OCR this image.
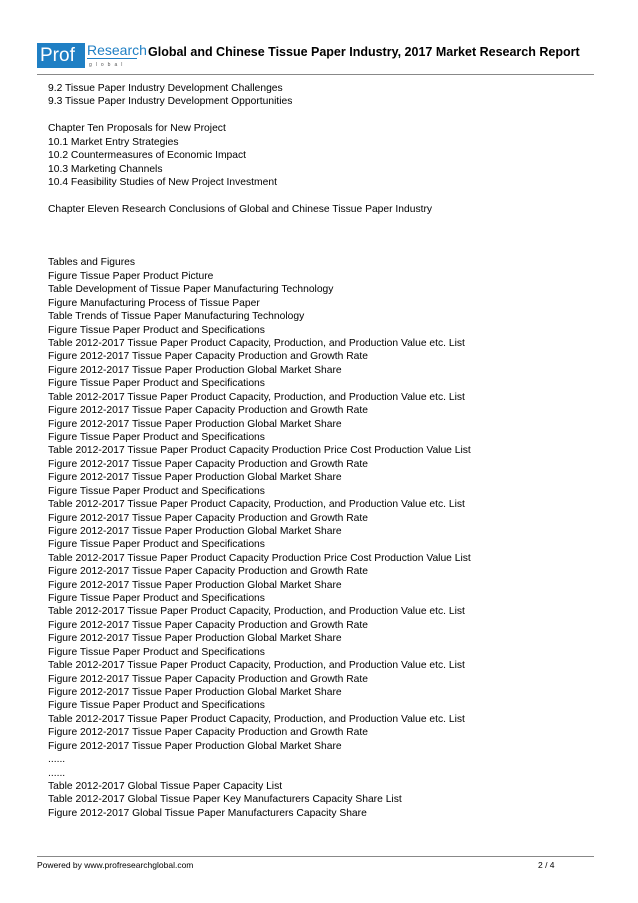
Prof Research
global
Global and Chinese Tissue Paper Industry, 2017 Market Research Report
9.2 Tissue Paper Industry Development Challenges
9.3 Tissue Paper Industry Development Opportunities
Chapter Ten Proposals for New Project
10.1 Market Entry Strategies
10.2 Countermeasures of Economic Impact
10.3 Marketing Channels
10.4 Feasibility Studies of New Project Investment
Chapter Eleven Research Conclusions of Global and Chinese Tissue Paper Industry
Tables and Figures
Figure Tissue Paper Product Picture
Table Development of Tissue Paper Manufacturing Technology
Figure Manufacturing Process of Tissue Paper
Table Trends of Tissue Paper Manufacturing Technology
Figure Tissue Paper Product and Specifications
Table 2012-2017 Tissue Paper Product Capacity, Production, and Production Value etc. List
Figure 2012-2017 Tissue Paper Capacity Production and Growth Rate
Figure 2012-2017 Tissue Paper Production Global Market Share
Figure Tissue Paper Product and Specifications
Table 2012-2017 Tissue Paper Product Capacity, Production, and Production Value etc. List
Figure 2012-2017 Tissue Paper Capacity Production and Growth Rate
Figure 2012-2017 Tissue Paper Production Global Market Share
Figure Tissue Paper Product and Specifications
Table 2012-2017 Tissue Paper Product Capacity Production Price Cost Production Value List
Figure 2012-2017 Tissue Paper Capacity Production and Growth Rate
Figure 2012-2017 Tissue Paper Production Global Market Share
Figure Tissue Paper Product and Specifications
Table 2012-2017 Tissue Paper Product Capacity, Production, and Production Value etc. List
Figure 2012-2017 Tissue Paper Capacity Production and Growth Rate
Figure 2012-2017 Tissue Paper Production Global Market Share
Figure Tissue Paper Product and Specifications
Table 2012-2017 Tissue Paper Product Capacity Production Price Cost Production Value List
Figure 2012-2017 Tissue Paper Capacity Production and Growth Rate
Figure 2012-2017 Tissue Paper Production Global Market Share
Figure Tissue Paper Product and Specifications
Table 2012-2017 Tissue Paper Product Capacity, Production, and Production Value etc. List
Figure 2012-2017 Tissue Paper Capacity Production and Growth Rate
Figure 2012-2017 Tissue Paper Production Global Market Share
Figure Tissue Paper Product and Specifications
Table 2012-2017 Tissue Paper Product Capacity, Production, and Production Value etc. List
Figure 2012-2017 Tissue Paper Capacity Production and Growth Rate
Figure 2012-2017 Tissue Paper Production Global Market Share
Figure Tissue Paper Product and Specifications
Table 2012-2017 Tissue Paper Product Capacity, Production, and Production Value etc. List
Figure 2012-2017 Tissue Paper Capacity Production and Growth Rate
Figure 2012-2017 Tissue Paper Production Global Market Share
......
......
Table 2012-2017 Global Tissue Paper Capacity List
Table 2012-2017 Global Tissue Paper Key Manufacturers Capacity Share List
Figure 2012-2017 Global Tissue Paper Manufacturers Capacity Share
Powered by www.profresearchglobal.com	2 / 4
